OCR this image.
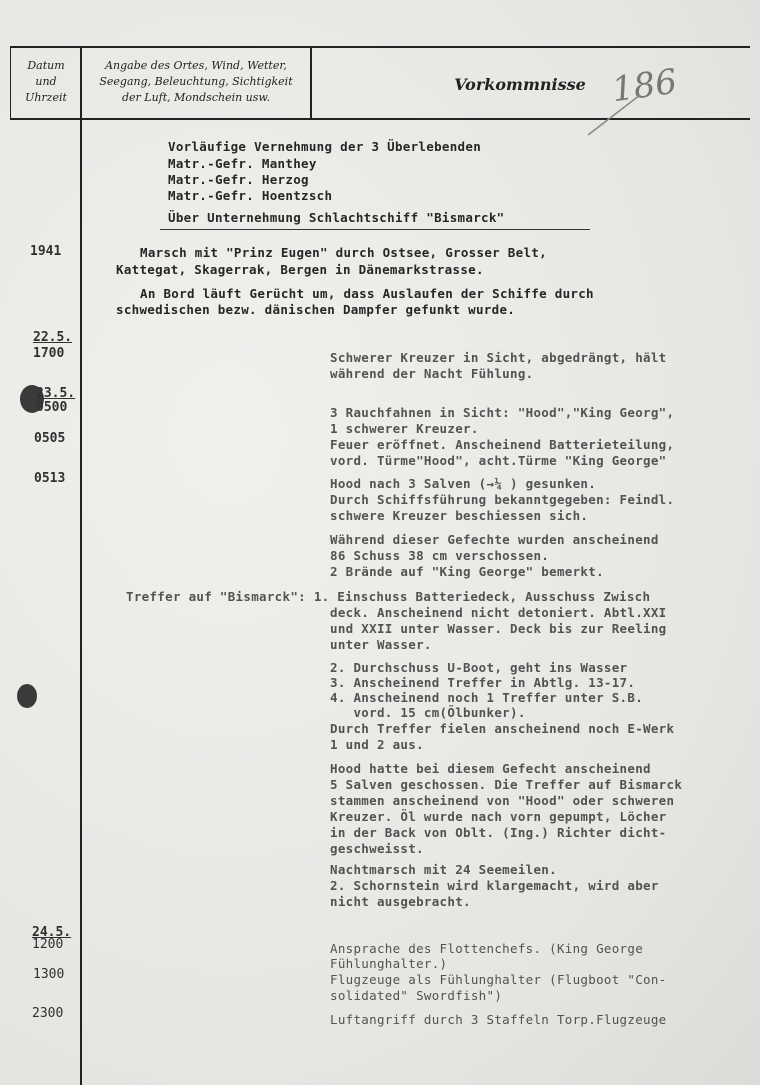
Datum
und
Uhrzeit
Angabe des Ortes, Wind, Wetter,
Seegang, Beleuchtung, Sichtigkeit
der Luft, Mondschein usw.
Vorkommnisse 186
Vorläufige Vernehmung der 3 Überlebenden
Matr.-Gefr. Manthey
Matr.-Gefr. Herzog
Matr.-Gefr. Hoentzsch
Über Unternehmung Schlachtschiff "Bismarck"
1941
22.5.
1700
23.5.
0500
0505
0513
24.5.
1200
1300
2300
Marsch mit "Prinz Eugen" durch Ostsee, Grosser Belt,
Kattegat, Skagerrak, Bergen in Dänemarkstrasse.
An Bord läuft Gerücht um, dass Auslaufen der Schiffe durch
schwedischen bezw. dänischen Dampfer gefunkt wurde.
Schwerer Kreuzer in Sicht, abgedrängt, hält
während der Nacht Fühlung.
3 Rauchfahnen in Sicht: "Hood","King Georg",
1 schwerer Kreuzer.
Feuer eröffnet. Anscheinend Batterieteilung,
vord. Türme"Hood", acht.Türme "King George"
Hood nach 3 Salven (→¼ ) gesunken.
Durch Schiffsführung bekanntgegeben: Feindl.
schwere Kreuzer beschiessen sich.
Während dieser Gefechte wurden anscheinend
86 Schuss 38 cm verschossen.
2 Brände auf "King George" bemerkt.
Treffer auf "Bismarck": 1. Einschuss Batteriedeck, Ausschuss Zwisch
deck. Anscheinend nicht detoniert. Abtl.XXI
und XXII unter Wasser. Deck bis zur Reeling
unter Wasser.
2. Durchschuss U-Boot, geht ins Wasser
3. Anscheinend Treffer in Abtlg. 13-17.
4. Anscheinend noch 1 Treffer unter S.B.
vord. 15 cm(Ölbunker).
Durch Treffer fielen anscheinend noch E-Werk
1 und 2 aus.
Hood hatte bei diesem Gefecht anscheinend
5 Salven geschossen. Die Treffer auf Bismarck
stammen anscheinend von "Hood" oder schweren
Kreuzer. Öl wurde nach vorn gepumpt, Löcher
in der Back von Oblt. (Ing.) Richter dicht-
geschweisst.
Nachtmarsch mit 24 Seemeilen.
2. Schornstein wird klargemacht, wird aber
nicht ausgebracht.
Ansprache des Flottenchefs. (King George
Fühlunghalter.)
Flugzeuge als Fühlunghalter (Flugboot "Con-
solidated" Swordfish")
Luftangriff durch 3 Staffeln Torp.Flugzeuge
